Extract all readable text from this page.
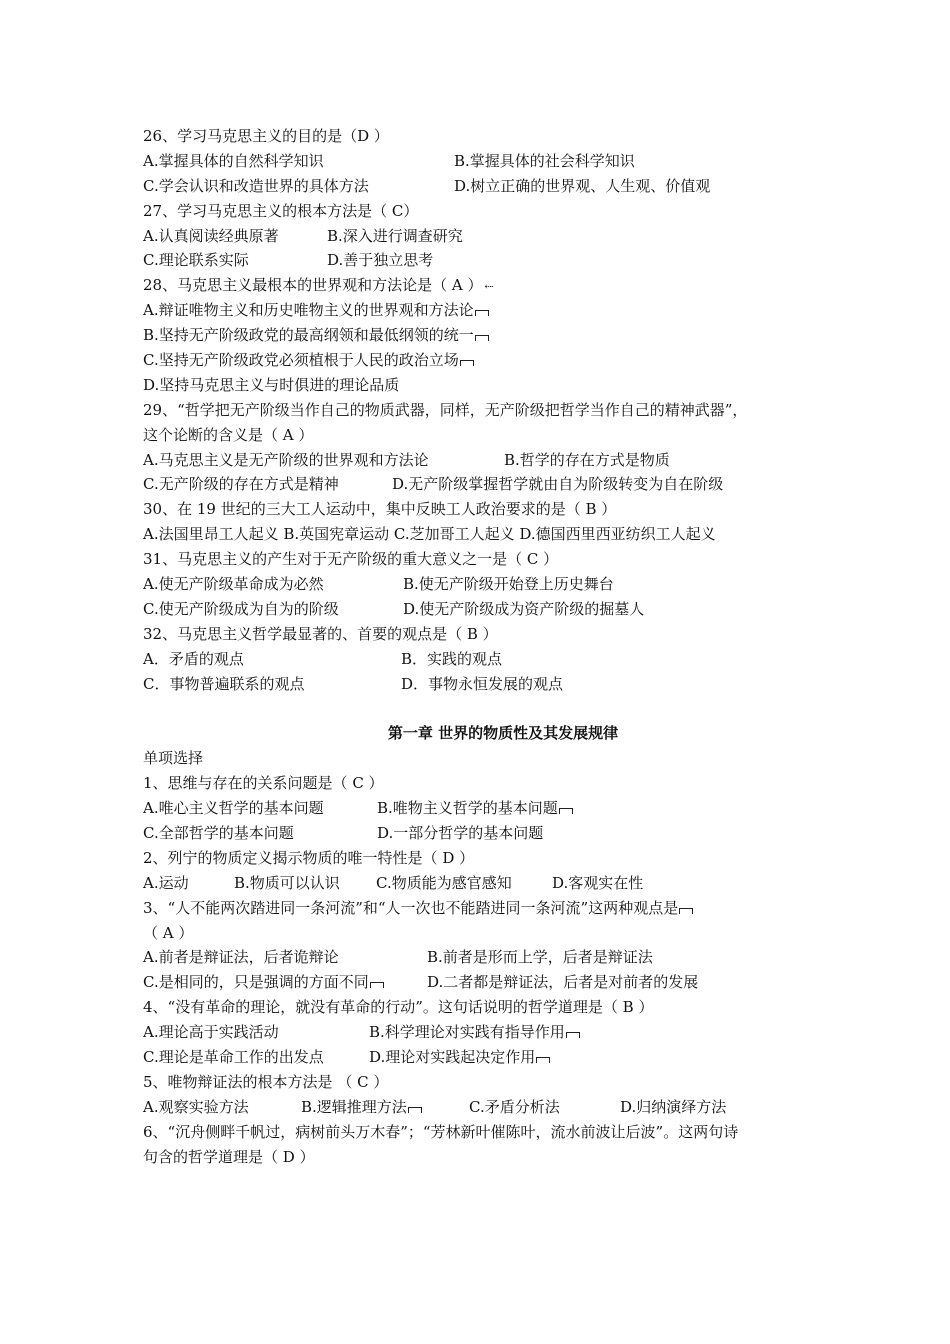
26、学习马克思主义的目的是（D ）
A.掌握具体的自然科学知识	B.掌握具体的社会科学知识
C.学会认识和改造世界的具体方法	D.树立正确的世界观、人生观、价值观
27、学习马克思主义的根本方法是（ C）
A.认真阅读经典原著	B.深入进行调查研究
C.理论联系实际	D.善于独立思考
28、马克思主义最根本的世界观和方法论是（ A ） ⇠
A.辩证唯物主义和历史唯物主义的世界观和方法论
B.坚持无产阶级政党的最高纲领和最低纲领的统一
C.坚持无产阶级政党必须植根于人民的政治立场
D.坚持马克思主义与时俱进的理论品质
29、“哲学把无产阶级当作自己的物质武器，同样，无产阶级把哲学当作自己的精神武器”，
这个论断的含义是（ A ）
A.马克思主义是无产阶级的世界观和方法论	B.哲学的存在方式是物质
C.无产阶级的存在方式是精神	D.无产阶级掌握哲学就由自为阶级转变为自在阶级
30、在 19 世纪的三大工人运动中，集中反映工人政治要求的是（ B ）
A.法国里昂工人起义 B.英国宪章运动 C.芝加哥工人起义 D.德国西里西亚纺织工人起义
31、马克思主义的产生对于无产阶级的重大意义之一是（ C ）
A.使无产阶级革命成为必然	B.使无产阶级开始登上历史舞台
C.使无产阶级成为自为的阶级	D.使无产阶级成为资产阶级的掘墓人
32、马克思主义哲学最显著的、首要的观点是（ B ）
A．矛盾的观点	B．实践的观点
C．事物普遍联系的观点	D．事物永恒发展的观点
第一章 世界的物质性及其发展规律
单项选择
1、思维与存在的关系问题是（ C ）
A.唯心主义哲学的基本问题	B.唯物主义哲学的基本问题
C.全部哲学的基本问题	D.一部分哲学的基本问题
2、列宁的物质定义揭示物质的唯一特性是（ D ）
A.运动	B.物质可以认识 C.物质能为感官感知	D.客观实在性
3、“人不能两次踏进同一条河流”和“人一次也不能踏进同一条河流”这两种观点是
（ A ）
A.前者是辩证法，后者诡辩论	B.前者是形而上学，后者是辩证法
C.是相同的，只是强调的方面不同	D.二者都是辩证法，后者是对前者的发展
4、“没有革命的理论，就没有革命的行动”。这句话说明的哲学道理是（ B ）
A.理论高于实践活动	B.科学理论对实践有指导作用
C.理论是革命工作的出发点	D.理论对实践起决定作用
5、唯物辩证法的根本方法是 （ C ）
A.观察实验方法	B.逻辑推理方法	C.矛盾分析法	D.归纳演绎方法
6、“沉舟侧畔千帆过，病树前头万木春”；“芳林新叶催陈叶，流水前波让后波”。这两句诗
句含的哲学道理是（ D ）
